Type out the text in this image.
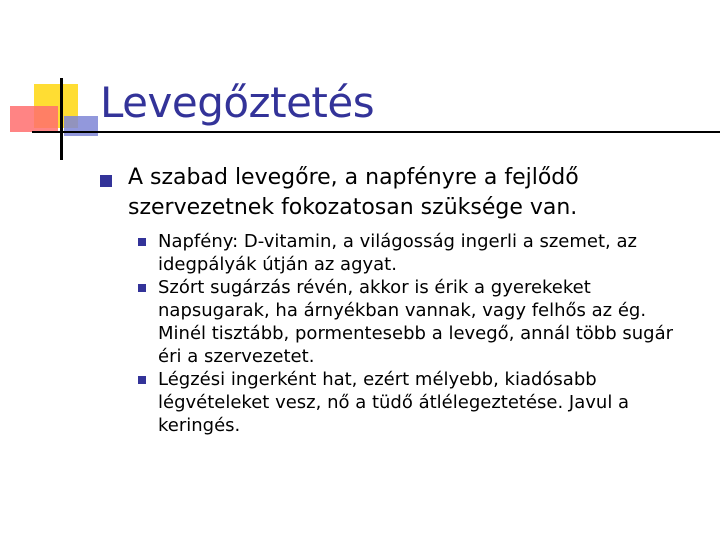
Levegőztetés
A szabad levegőre, a napfényre a fejlődő szervezetnek fokozatosan szüksége van.
Napfény: D-vitamin, a világosság ingerli a szemet, az idegpályák útján az agyat.
Szórt sugárzás révén, akkor is érik a gyerekeket napsugarak, ha árnyékban vannak, vagy felhős az ég. Minél tisztább, pormentesebb a levegő, annál több sugár éri a szervezetet.
Légzési ingerként hat, ezért mélyebb, kiadósabb légvételeket vesz, nő a tüdő átlélegeztetése. Javul a keringés.
